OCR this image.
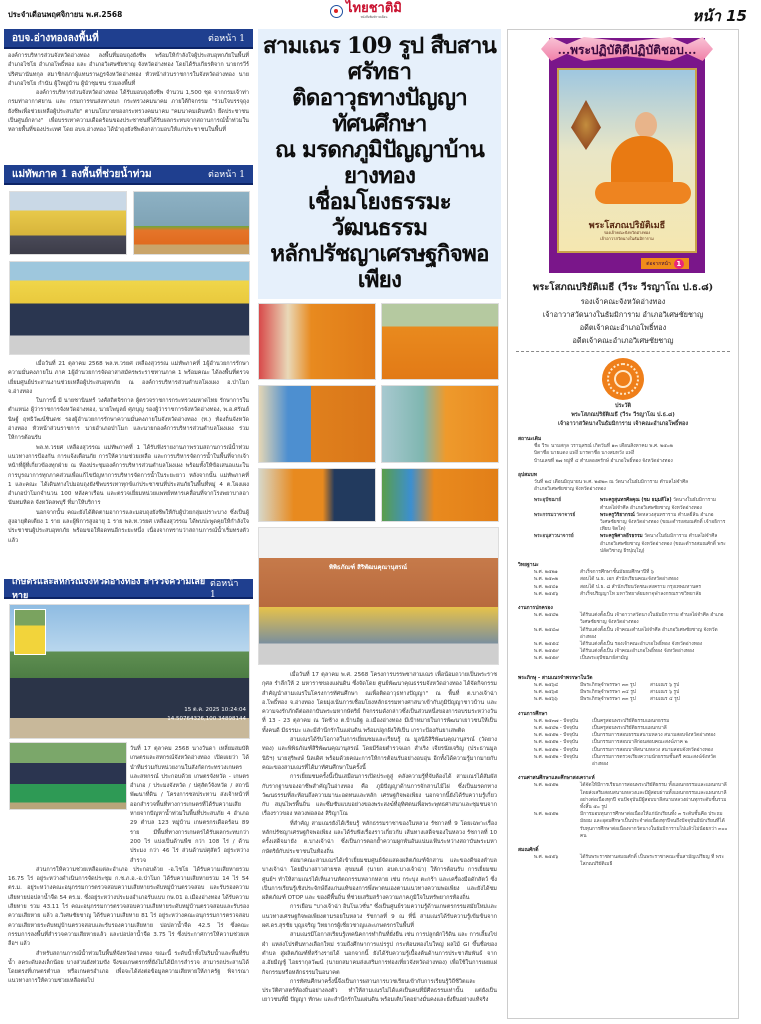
ประจำเดือนพฤศจิกายน พ.ศ.2568	ไทยชาติมิ
หนังสือพิมพ์รายเดือน	หน้า 15
อบจ.อ่างทองลงพื้นที่	ต่อหน้า 1

องค์การบริหารส่วนจังหวัดอ่างทอง ลงพื้นที่มอบถุงยังชีพ พร้อมให้กำลังใจผู้ประสบอุทกภัยในพื้นที่อำเภอไชโย อำเภอโพธิ์ทอง และ อำเภอวิเศษชัยชาญ จังหวัดอ่างทอง โดยได้รับเกียรติจาก นายกรวีร์ ปริศนานันทกุล สมาชิกสภาผู้แทนราษฎรจังหวัดอ่างทอง หัวหน้าส่วนราชการในจังหวัดอ่างทอง นายอำเภอไชโย กำนัน ผู้ใหญ่บ้าน ผู้นำชุมชน ร่วมลงพื้นที่

องค์การบริหารส่วนจังหวัดอ่างทอง ได้รับมอบถุงยังชีพ จำนวน 1,500 ชุด จากกรมเจ้าท่า กรมท่าอากาศยาน และ กรมการขนส่งทางบก กระทรวงคมนาคม ภายใต้กิจกรรม "ร่วมใจบรรจุถุงยังชีพเพื่อช่วยเหลือผู้ประสบภัย" ตามนโยบายของกระทรวงคมนาคม "คมนาคมเดินหน้า ยึดประชาชนเป็นศูนย์กลาง" เพื่อบรรเทาความเดือดร้อนของประชาชนที่ได้รับผลกระทบจากสถานการณ์น้ำท่วมในหลายพื้นที่ของประเทศ โดย อบจ.อ่างทอง ได้นำถุงยังชีพดังกล่าวมอบให้แก่ประชาชนในพื้นที่

แม่ทัพภาค 1 ลงพื้นที่ช่วยน้ำท่วม	ต่อหน้า 1

เมื่อวันที่ 21 ตุลาคม 2568 พล.ท.วรยศ เหลืองสุวรรณ แม่ทัพภาคที่ 1ผู้อำนวยการรักษาความมั่นคงภายใน ภาค 1ผู้อำนวยการจัดอาสาสมัครพระราชทานภาค 1 พร้อมคณะ ได้ลงพื้นที่ตรวจเยี่ยมศูนย์ประสานงานช่วยเหลือผู้ประสบอุทกภัย ณ องค์การบริหารส่วนตำบลโผงเผง อ.ป่าโมก จ.อ่างทอง

ในการนี้ มี นายชานินทร์ วงศ์สถิตจิรกาล ผู้ตรวจราชการกระทรวงมหาดไทย รักษาการในตำแหน่ง ผู้ว่าราชการจังหวัดอ่างทอง, นายไพบูลย์ ศุภบุญ รองผู้ว่าราชการจังหวัดอ่างทอง, พ.อ.ศรัณย์นิษฐ์ ฤทธิวัฒน์ชินดช รองผู้อำนวยการรักษาความมั่นคงภายในจังหวัดอ่างทอง (ท.) ท้องถิ่นจังหวัดอ่างทอง หัวหน้าส่วนราชการ นายอำเภอป่าโมก และนายกองค์การบริหารส่วนตำบลโผงเผง ร่วมให้การต้อนรับ

พล.ท.วรยศ เหลืองสุวรรณ แม่ทัพภาคที่ 1 ได้รับฟังรายงานภาพรวมสถานการณ์น้ำท่วม แนวทางการป้องกัน การแจ้งเตือนภัย การให้ความช่วยเหลือ และการบริหารจัดการน้ำในพื้นที่จากเจ้าหน้าที่ผู้ที่เกี่ยวข้องทุกฝ่าย ณ ห้องประชุมองค์การบริหารส่วนตำบลโผงเผง พร้อมทั้งให้ข้อเสนอแนะในการบูรณาการทุกภาคส่วนเพื่อแก้ไขปัญหาการบริหารจัดการน้ำในระยะยาว หลังจากนั้น แม่ทัพภาคที่ 1 และคณะ ได้เดินทางไปมอบถุงยังชีพบรรเทาทุกข์แก่ประชาชนที่ประสบภัยในพื้นที่หมู่ 4 ต.โผงเผง อำเภอป่าโมกจำนวน 100 หลังคาเรือน และตรวจเยี่ยมหน่วยแพทย์ทหารเคลื่อนที่จากโรงพยาบาลอานันทมหิดล จังหวัดลพบุรี ที่มาให้บริการ

นอกจากนั้น คณะยังได้ติดตามอาการและมอบถุงยังชีพให้กับผู้ป่วยกลุ่มเปราะบาง ซึ่งเป็นผู้สูงอายุติดเตียง 1 ราย และผู้พิการสูงอายุ 1 ราย พล.ท.วรยศ เหลืองสุวรรณ ได้พบปะพูดคุยให้กำลังใจประชาชนผู้ประสบอุทกภัย พร้อมขอให้อดทนอีกระยะหนึ่ง เนื่องจากทราบว่าสถานการณ์น้ำเริ่มทรงตัวแล้ว

เกษตรและสหกรณ์จังหวัดอ่างทอง สำรวจความเสียหาย
ต่อหน้า 1
15 ต.ค. 2025 10:24:04
14.50764326,100.34898144

วันที่ 17 ตุลาคม 2568 นางวันดา เหลี่ยมสมบัติ เกษตรและสหกรณ์จังหวัดอ่างทอง เปิดเผยว่า ได้นำทีมร่วมกับหน่วยงานในสังกัดกระทรวงเกษตรและสหกรณ์ ประกอบด้วย เกษตรจังหวัด - เกษตรอำเภอ / ประมงจังหวัด / ปศุสัตว์จังหวัด / สถานีพัฒนาที่ดิน / โครงการชลประทาน ส่งเจ้าหน้าที่ออกสำรวจพื้นที่ทางการเกษตรที่ได้รับความเสียหายจากปัญหาน้ำท่วมในพื้นที่ประสบภัย 4 อำเภอ 29 ตำบล 123 หมู่บ้าน เกษตรกรเดือดร้อน 89 ราย มีพื้นที่ทางการเกษตรได้รับผลกระทบกว่า 200 ไร่ แบ่งเป็นด้านพืช กว่า 108 ไร่ / ด้านประมง กว่า 46 ไร่ ส่วนด้านปศุสัตว์ อยู่ระหว่างสำรวจ

ส่วนการให้ความช่วยเหลือแต่ละอำเภอ ประกอบด้วย -อ.ไชโย ได้รับความเสียหายรวม 16.75 ไร่ อยู่ระหว่างดำเนินการจัดประชุม ก.ช.ภ.อ.-อ.ป่าโมก ได้รับความเสียหายรวม 14 ไร่ 54 ตร.ม. อยู่ระหว่างคณะอนุกรรมการตรวจสอบความเสียหายระดับหมู่บ้านตรวจสอบ และรับรองความเสียหายบ่อปลาน้ำจืด 54 ตร.ม. ซึ่งอยู่ระหว่างประมงอำเภอรับแบบ กษ.01 อ.เมืองอ่างทอง ได้รับความเสียหาย รวม 43.11 ไร่ คณะอนุกรรมการตรวจสอบความเสียหายระดับหมู่บ้านตรวจสอบและรับรองความเสียหาย แล้ว อ.วิเศษชัยชาญ ได้รับความเสียหาย 81 ไร่ อยู่ระหว่างคณะอนุกรรมการตรวจสอบความเสียหายระดับหมู่บ้านตรวจสอบและรับรองความเสียหาย บ่อปลาน้ำจืด 42.5 ไร่ ซึ่งคณะกรรมการลงพื้นที่สำรวจความเสียหายแล้ว และบ่อปลาน้ำจืด 3.75 ไร่ ซึ่งประกาศการให้ความช่วยเหลือฯ แล้ว

สำหรับสถานการณ์น้ำท่วมในพื้นที่จังหวัดอ่างทอง ขณะนี้ ระดับน้ำทั้งในริมน้ำและพื้นที่รับน้ำ ลดระดับลงเล็กน้อย บางส่วนยังท่วมขัง จึงขอเกษตรกรที่ยังไม่ได้มีการสำรวจ สามารถประสานได้โดยตรงที่เกษตรตำบล หรือเกษตรอำเภอ เพื่อจะได้ส่งต่อข้อมูลความเสียหายให้ภาครัฐ พิจารณาแนวทางการให้ความช่วยเหลือต่อไป

สามเณร 109 รูป สืบสานศรัทธา
ติดอาวุธทางปัญญา ทัศนศึกษา
ณ มรดกภูมิปัญญาบ้านยางทอง
เชื่อมโยงธรรมะ วัฒนธรรม
หลักปรัชญาเศรษฐกิจพอเพียง
พิพิธภัณฑ์ สิริพัฒนคุณานุสรณ์

เมื่อวันที่ 17 ตุลาคม พ.ศ. 2568 โครงการบรรพชาสามเณร เพื่อน้อมถวายเป็นพระราชกุศล รำลึกให้ 2 มหาราชของแผ่นดิน ซึ่งจัดโดย ศูนย์พัฒนาคุณธรรมจังหวัดอ่างทอง ได้จัดกิจกรรมสำคัญนำสามเณรในโครงการทัศนศึกษา ณเพื่อติดอาวุธทางปัญญา" ณ พื้นที่ ต.บางเจ้าฉ่า อ.โพธิ์ทอง จ.อ่างทอง โดยมุ่งเน้นการเชื่อมโยงหลักธรรมทางศาสนาเข้ากับภูมิปัญญาชาวบ้าน และความจงรักภักดีต่อสถาบันพระมหากษัตริย์ กิจกรรมดังกล่าวซึ่งเป็นส่วนหนึ่งของการอบรมระหว่างวันที่ 13 - 23 ตุลาคม ณ วัดช้าง ต.บ้านอิฐ อ.เมืองอ่างทอง มีเป้าหมายในการพัฒนาเยาวชนให้เป็นทั้งคนดี มีธรรมะ และมีสำนึกรักในแผ่นดิน พร้อมปลูกฝังให้เป็น เกราะป้องกันยาเสพติด

สามเณรได้รับโอกาสในการเยี่ยมชมและเรียนรู้ ณ มูลนิธิสิริพัฒนคุณานุสรณ์ (วัดยางทอง) และพิพิธภัณฑ์สิริพัฒนคุณานุสรณ์ โดยมีร้อยตำรวจเอก สำเริง เจียรนัยเจริญ (ประธานมูลนิธิฯ) นายสุริพงษ์ นิลเดิศ พร้อมด้วยคณะการให้การต้อนรับอย่างอบอุ่น อีกทั้งได้ความรู้มากมายกับคณะของสามเณรที่ได้มาทัศนศึกษาในครั้งนี้

การเยี่ยมชมครั้งนี้เป็นเสมือนการเปิดประตูสู่ คลังความรู้ที่จับต้องได้ สามเณรได้สัมผัสกับรากฐานของอาชีพสำคัญในอ่างทอง คือ ภูมิปัญญาด้านการจักสานไม้ไผ่ ซึ่งเป็นมรดกทางวัฒนธรรมที่สะท้อนถึงความมานะอดทนและหลัก เศรษฐกิจพอเพียง นอกจากนี้ยังได้รับความรู้เกี่ยวกับ สมุนไพรพื้นถิ่น และซึมซับแบบอย่างของพระสงฆ์ที่อุทิศตนเพื่อพระพุทธศาสนาและชุมชนจากเรื่องราวของ หลวงพ่อลอง สิริญาโณ

ที่สำคัญ สามเณรยังได้เรียนรู้ หลักธรรมราชาของในหลวง รัชกาลที่ 9 โดยเฉพาะเรื่อง หลักปรัชญาเศรษฐกิจพอเพียง และได้รับฟังเรื่องราวเกี่ยวกับ เส้นทางเสด็จของในหลวง รัชกาลที่ 10 ครั้งเสด็จมายัง ต.บางเจ้าฉ่า ซึ่งเป็นการตอกย้ำความผูกพันอันแน่นแฟ้นระหว่างสถาบันพระมหากษัตริย์กับประชาชนในท้องถิ่น

ต่อมาคณะสามเณรได้เข้าเยี่ยมชมศูนย์จัดแสดงผลิตภัณฑ์จักสาน และของดีของตำบลบางเจ้าฉ่า โดยมีนางสาวสายชล สุขมนต์ (นายก อบต.บางเจ้าฉ่า) ให้การต้อนรับ การเยี่ยมชมศูนย์ฯ ทำให้สามเณรได้เห็นงานหัตถกรรมหลากหลาย เช่น กระบุง ตะกร้า และเครื่องมือดักสัตว์ ซึ่งเป็นการเรียนรู้เชิงประจักษ์ถึงแก่นแท้ของการพึ่งพาตนเองตามแนวทางความพอเพียง และยังได้ชม ผลิตภัณฑ์ OTOP และ ของดีพื้นถิ่น ที่ช่วยเสริมสร้างความภาคภูมิใจในทรัพยากรท้องถิ่น

การเยือน "บางเจ้าฉ่า อินโนเวชั่น" ซึ่งเป็นศูนย์รวมความรู้ด้านเกษตรกรรมสมัยใหม่และแนวทางเศรษฐกิจพอเพียงตามรอยในหลวง รัชกาลที่ 9 ณ ที่นี่ สามเณรได้รับความรู้เข้มข้นจาก ผศ.ดร.สุรชัย บุญเจริญ วิทยากรผู้เชี่ยวชาญและเกษตรกรในพื้นที่

สามเณรมีโอกาสเรียนรู้เทคนิคการทำกินที่ยั่งยืน เช่น การปลูกผักไร้ดิน และ การเลี้ยงไข่ผำ แหล่งโปรตีนทางเลือกใหม่ รวมถึงศึกษาการแปรรูป กระท้อนทองไบใหญ่ ผลไม้ GI ขึ้นชื่อของตำบล สู่ผลิตภัณฑ์ที่สร้างรายได้ นอกจากนี้ ยังได้รับความรู้เบื้องต้นด้านการประชาสัมพันธ์ จาก อ.อัยมีญชู์ ไอยรากุลวัฒน์ (นายกสมาคมส่งเสริมการท่องเที่ยวจังหวัดอ่างทอง) เพื่อใช้ในการเผยแผ่กิจกรรมหรือหลักธรรมในอนาคต

การทัศนศึกษาครั้งนี้จึงเป็นการผสานการบวชเรียนเข้ากับการเรียนรู้วิถีชีวิตและประวัติศาสตร์ท้องถิ่นอย่างลงตัว ทำให้สามเณรไม่ได้แค่เป็นคนที่มีศีลธรรมเท่านั้น แต่ยังเป็นเยาวชนที่มี ปัญญา ทักษะ และสำนึกรักในแผ่นดิน พร้อมเติบโตอย่างมั่นคงและยั่งยืนอย่างแท้จริง

...พระปฏิบัติดีปฏิบัติชอบ...
พระโสภณปริยัติเมธี
รองเจ้าคณะจังหวัดอ่างทอง
เจ้าอาวาสวัดนางในธัมมิการาม
ต่อจากหน้า 1
พระโสภณปริยัติเมธี (วีระ วีรญาโณ ป.ธ.๘)
รองเจ้าคณะจังหวัดอ่างทอง
เจ้าอาวาสวัดนางในธัมมิการาม อำเภอวิเศษชัยชาญ
อดีตเจ้าคณะอำเภอโพธิ์ทอง
อดีตเจ้าคณะอำเภอวิเศษชัยชาญ
ประวัติ
พระโสภณปริยัติเมธี (วีระ วีรญาโณ ป.ธ.๘)
เจ้าอาวาสวัดนางในธัมมิการาม เจ้าคณะอำเภอโพธิ์ทอง
สถานะเดิม
ชื่อ วีระ นามสกุล วรานุสรณ์ เกิดวันที่ ๑๓ เดือนสิงหาคม พ.ศ. ๒๕๐๒
บิดาชื่อ นายแดง แพ่งี่ มารดาชื่อ นางสมหวัง แพ่งี่
บ้านเลขที่ ๒๗ หมู่ที่ ๔ ตำบลองครักษ์ อำเภอโพธิ์ทอง จังหวัดอ่างทอง
อุปสมบท
วันที่ ๒๔ เดือนมิถุนายน พ.ศ. ๒๕๒๓ ณ วัดนางในธัมมิการาม ตำบลไผ่จำศีล
อำเภอวิเศษชัยชาญ จังหวัดอ่างทอง
พระอุปัชฌาย์	พระครูสุนทรศีลคุณ (ชม ธมฺมสีโล) วัดนางในธัมมิการาม ตำบลไผ่จำศีล อำเภอวิเศษชัยชาญ จังหวัดอ่างทอง
พระกรรมวาจาจารย์	พระครูวิริยากรณ์ วัดหลวงสุนทราราม ตำบลยี่ล้น อำเภอวิเศษชัยชาญ จังหวัดอ่างทอง (ขณะดำรงสมณศักดิ์ เจ้าอธิการเทียบ จิตโต)
พระอนุสาวนาจารย์	พระครูพิศาลธีรธรรม วัดนางในธัมมิการาม ตำบลไผ่จำศีล อำเภอวิเศษชัยชาญ จังหวัดอ่างทอง (ขณะดำรงสมณศักดิ์ พระปลัดวิชาญ ธีรปุญฺโญ)
วิทยฐานะ
พ.ศ. ๒๕๒๑	สำเร็จการศึกษาชั้นมัธยมศึกษาปีที่ ๖
พ.ศ. ๒๕๓๒	สอบได้ น.ธ. เอก สำนักเรียนคณะจังหวัดอ่างทอง
พ.ศ. ๒๕๔๑	สอบได้ ป.ธ. ๘ สำนักเรียนวัดชนะสงคราม กรุงเทพมหานคร
พ.ศ. ๒๕๕๖	สำเร็จปริญญาโท มหาวิทยาลัยมหาจุฬาลงกรณราชวิทยาลัย
งานการปกครอง
พ.ศ. ๒๕๔๒	ได้รับแต่งตั้งเป็น เจ้าอาวาสวัดนางในธัมมิการาม ตำบลไผ่จำศีล อำเภอวิเศษชัยชาญ จังหวัดอ่างทอง
พ.ศ. ๒๕๔๗	ได้รับแต่งตั้งเป็น เจ้าคณะตำบลไผ่จำศีล อำเภอวิเศษชัยชาญ จังหวัดอ่างทอง
พ.ศ. ๒๕๕๔	ได้รับแต่งตั้งเป็น รองเจ้าคณะอำเภอโพธิ์ทอง จังหวัดอ่างทอง
พ.ศ. ๒๕๕๙	ได้รับแต่งตั้งเป็น เจ้าคณะอำเภอโพธิ์ทอง จังหวัดอ่างทอง
พ.ศ. ๒๕๕๙	เป็นพระอุปัชฌาย์สามัญ
พระภิกษุ - สามเณรจำพรรษาในวัด
พ.ศ. ๒๕๖๔	มีพระภิกษุจำพรรษา ๓๓ รูป	สามเณร ๖ รูป
พ.ศ. ๒๕๖๕	มีพระภิกษุจำพรรษา ๓๔ รูป	สามเณร ๖ รูป
พ.ศ. ๒๕๖๖	มีพระภิกษุจำพรรษา ๓๓ รูป	สามเณร ๔ รูป
งานการศึกษา
พ.ศ. ๒๕๓๗ - ปัจจุบัน	เป็นครูสอนพระปริยัติธรรมแผนกธรรม
พ.ศ. ๒๕๔๒ - ปัจจุบัน	เป็นครูสอนพระปริยัติธรรมแผนกบาลี
พ.ศ. ๒๕๕๒ - ปัจจุบัน	เป็นกรรมการสอบธรรมสนามหลวง สนามสอบจังหวัดอ่างทอง
พ.ศ. ๒๕๕๒ - ปัจจุบัน	เป็นกรรมการสอบบาลีก่อนสอบคณะสงฆ์ภาค ๒
พ.ศ. ๒๕๕๒ - ปัจจุบัน	เป็นกรรมการสอบบาลีสนามหลวง สนามสอบจังหวัดอ่างทอง
พ.ศ. ๒๕๕๒ - ปัจจุบัน	เป็นกรรมการตรวจเรียงความนักธรรมชั้นตรี คณะสงฆ์จังหวัดอ่างทอง
งานศาสนศึกษาและศึกษาสงเคราะห์
พ.ศ. ๒๕๕๒	ได้จัดให้มีการเรียนการสอนพระปริยัติธรรม ทั้งแผนกธรรมและแผนกบาลี โดยส่งเสริมสอบสนามหลวงและมีผู้สอบผ่านทั้งแผนกธรรมและแผนกบาลี อย่างต่อเนื่องทุกปี จนปัจจุบันมีผู้สอบบาลีสนามหลวงผ่านทุกระดับชั้นรวมทั้งสิ้น ๕๐ รูป
พ.ศ. ๒๕๕๒	มีการมอบทุนการศึกษาต่อเนื่องให้แก่นักเรียนทั้ง ๓ ระดับชั้นคือ ประถม มัธยม และอุดมศึกษาเป็นประจำต่อเนื่องทุกปีจนถึงปัจจุบันมีนักเรียนที่ได้รับทุนการศึกษาต่อเนื่องจากวัดนางในธัมมิการามไปแล้วไม่น้อยกว่า ๓๐๐ คน
สมณศักดิ์
พ.ศ. ๒๕๕๖	ได้รับพระราชทานสมณศักดิ์ เป็นพระราชาคณะชั้นสามัญเปรียญ ที่ พระโสภณปริยัติเมธี
